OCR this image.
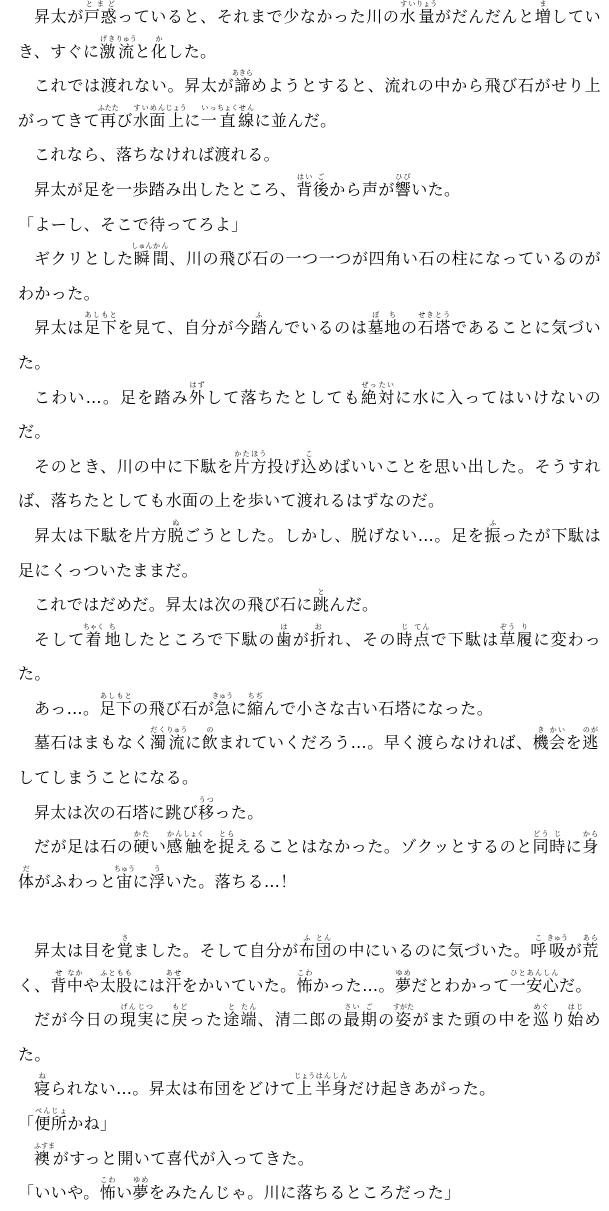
昇太が戸惑とまどっていると、それまで少なかった川の水すい量りょうがだんだんと増ましていき、すぐに激げき流りゅうと化かした。

これでは渡れない。昇太が諦あきらめようとすると、流れの中から飛び石がせり上がってきて再ふたたび水すい面めん上じょうに一いっ直ちょく線せんに並んだ。

これなら、落ちなければ渡れる。

昇太が足を一歩踏み出したところ、背はい後ごから声が響ひびいた。

「よーし、そこで待ってろよ」

ギクリとした瞬しゅん間かん、川の飛び石の一つ一つが四角い石の柱になっているのがわかった。

昇太は足あし下もとを見て、自分が今踏ふんでいるのは墓ぼ地ちの石せき塔とうであることに気づいた。

こわい…。足を踏み外はずして落ちたとしても絶ぜっ対たいに水に入ってはいけないのだ。

そのとき、川の中に下駄を片かた方ほう投げ込こめばいいことを思い出した。そうすれば、落ちたとしても水面の上を歩いて渡れるはずなのだ。

昇太は下駄を片方脱ぬごうとした。しかし、脱げない…。足を振ふったが下駄は足にくっついたままだ。

これではだめだ。昇太は次の飛び石に跳とんだ。

そして着ちゃく地ちしたところで下駄の歯はが折おれ、その時じ点てんで下駄は草ぞう履りに変わった。

あっ…。足あし下もとの飛び石が急きゅうに縮ちぢんで小さな古い石塔になった。

墓石はまもなく濁だく流りゅうに飲のまれていくだろう…。早く渡らなければ、機き会かいを逃のがしてしまうことになる。

昇太は次の石塔に跳び移うつった。

だが足は石の硬かたい感かん触しょくを捉とらえることはなかった。ゾクッとするのと同どう時じに身から体だがふわっと宙ちゅうに浮ういた。落ちる…！

昇太は目を覚さました。そして自分が布ふ団とんの中にいるのに気づいた。呼こ吸きゅうが荒あらく、背せ中なかや太ふと股ももには汗あせをかいていた。怖こわかった…。夢ゆめだとわかって一ひと安あん心しんだ。

だが今日の現げん実じつに戻もどった途と端たん、清二郎の最さい期ごの姿すがたがまた頭の中を巡めぐり始はじめた。

寝ねられない…。昇太は布団をどけて上じょう半はん身しんだけ起きあがった。

「便べん所じょかね」

襖ふすまがすっと開いて喜代が入ってきた。

「いいや。怖こわい夢ゆめをみたんじゃ。川に落ちるところだった」
